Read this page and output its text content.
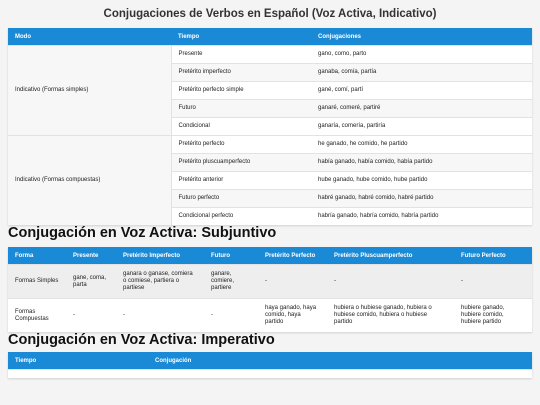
Conjugaciones de Verbos en Español (Voz Activa, Indicativo)
Modo	Tiempo	Conjugaciones
Indicativo (Formas simples)	Presente	gano, como, parto
	Pretérito imperfecto	ganaba, comía, partía
	Pretérito perfecto simple	gané, comí, partí
	Futuro	ganaré, comeré, partiré
	Condicional	ganaría, comería, partiría
Indicativo (Formas compuestas)	Pretérito perfecto	he ganado, he comido, he partido
	Pretérito pluscuamperfecto	había ganado, había comido, había partido
	Pretérito anterior	hube ganado, hube comido, hube partido
	Futuro perfecto	habré ganado, habré comido, habré partido
	Condicional perfecto	habría ganado, habría comido, habría partido
Conjugación en Voz Activa: Subjuntivo
Forma	Presente	Pretérito Imperfecto	Futuro	Pretérito Perfecto	Pretérito Pluscuamperfecto	Futuro Perfecto
Formas Simples	gane, coma, parta	ganara o ganase, comiera o comiese, partiera o partiese	ganare, comiere, partiere	-	-	-
Formas Compuestas	-	-	-	haya ganado, haya comido, haya partido	hubiera o hubiese ganado, hubiera o hubiese comido, hubiera o hubiese partido	hubiere ganado, hubiere comido, hubiere partido
Conjugación en Voz Activa: Imperativo
Tiempo	Conjugación
